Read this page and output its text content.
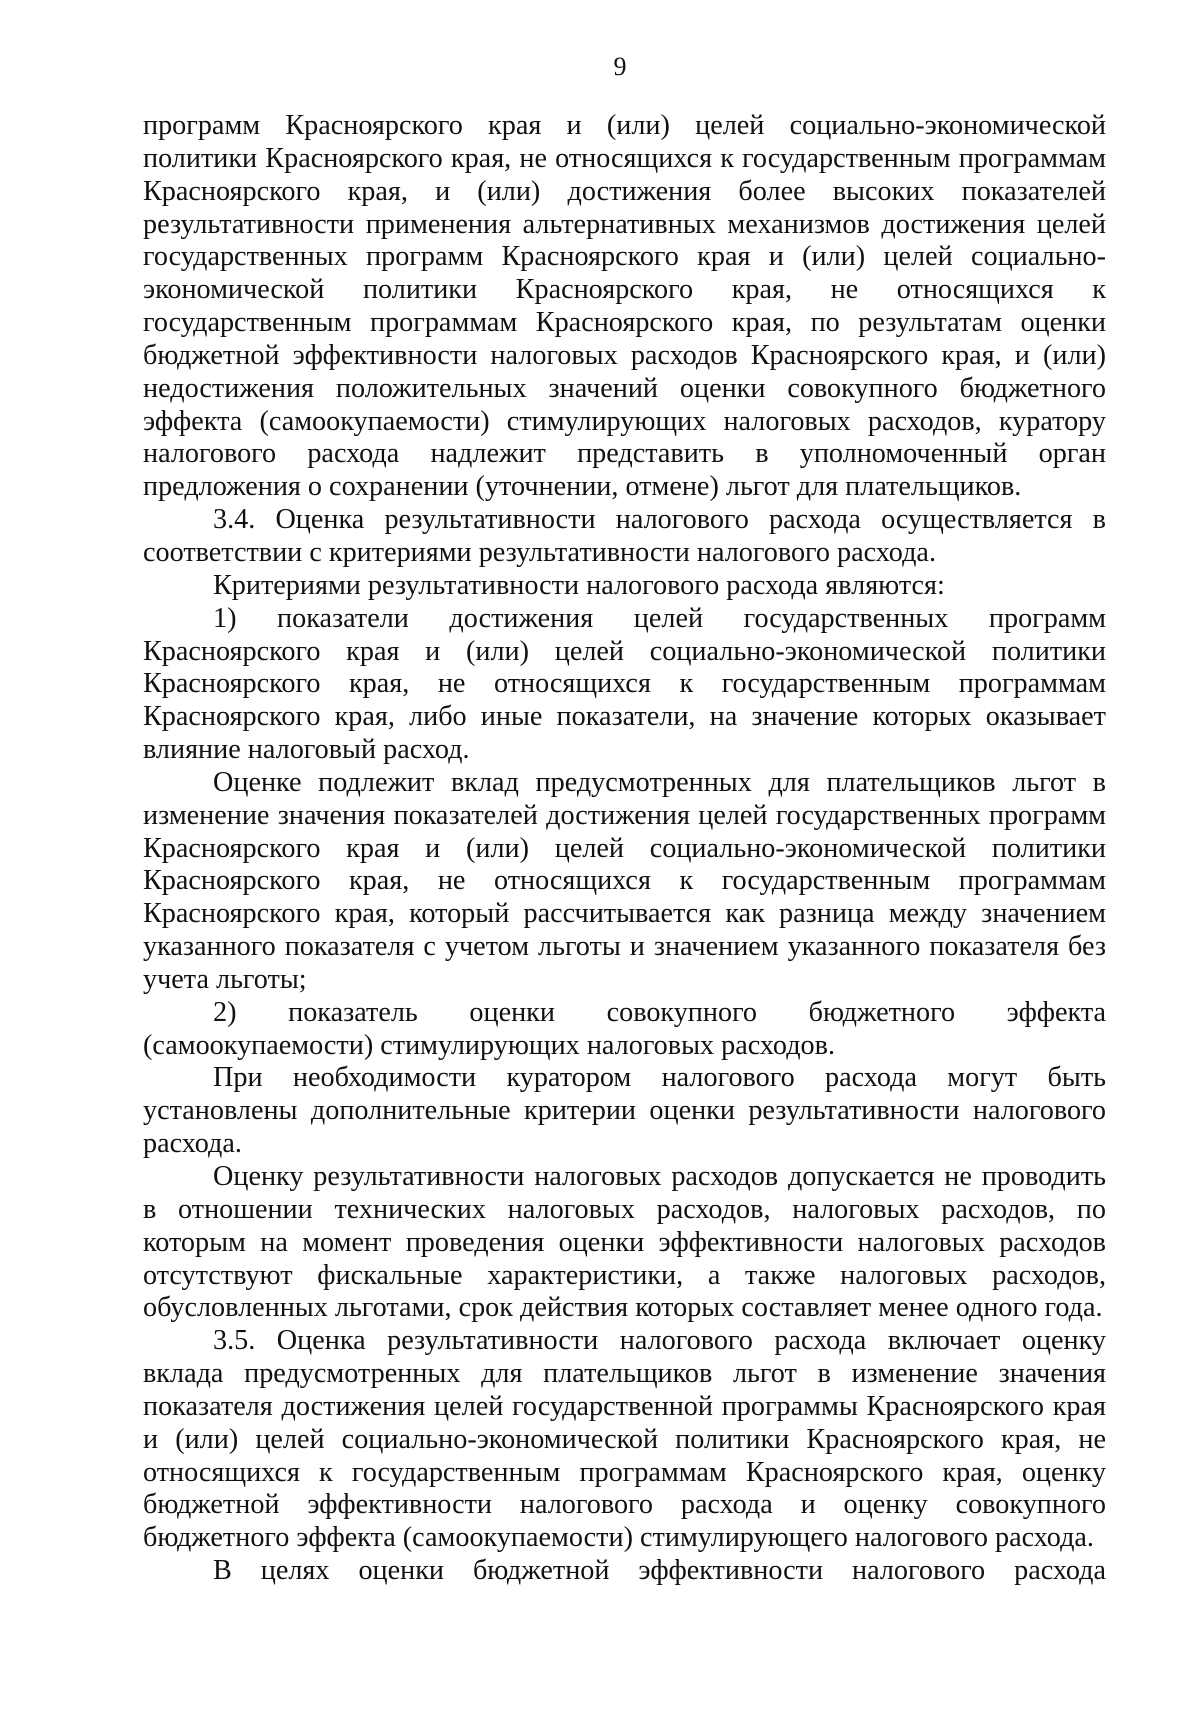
9

программ Красноярского края и (или) целей социально-экономической политики Красноярского края, не относящихся к государственным программам Красноярского края, и (или) достижения более высоких показателей результативности применения альтернативных механизмов достижения целей государственных программ Красноярского края и (или) целей социально-экономической политики Красноярского края, не относящихся к государственным программам Красноярского края, по результатам оценки бюджетной эффективности налоговых расходов Красноярского края, и (или) недостижения положительных значений оценки совокупного бюджетного эффекта (самоокупаемости) стимулирующих налоговых расходов, куратору налогового расхода надлежит представить в уполномоченный орган предложения о сохранении (уточнении, отмене) льгот для плательщиков.

3.4. Оценка результативности налогового расхода осуществляется в соответствии с критериями результативности налогового расхода.

Критериями результативности налогового расхода являются:

1) показатели достижения целей государственных программ Красноярского края и (или) целей социально-экономической политики Красноярского края, не относящихся к государственным программам Красноярского края, либо иные показатели, на значение которых оказывает влияние налоговый расход.

Оценке подлежит вклад предусмотренных для плательщиков льгот в изменение значения показателей достижения целей государственных программ Красноярского края и (или) целей социально-экономической политики Красноярского края, не относящихся к государственным программам Красноярского края, который рассчитывается как разница между значением указанного показателя с учетом льготы и значением указанного показателя без учета льготы;

2) показатель оценки совокупного бюджетного эффекта (самоокупаемости) стимулирующих налоговых расходов.

При необходимости куратором налогового расхода могут быть установлены дополнительные критерии оценки результативности налогового расхода.

Оценку результативности налоговых расходов допускается не проводить в отношении технических налоговых расходов, налоговых расходов, по которым на момент проведения оценки эффективности налоговых расходов отсутствуют фискальные характеристики, а также налоговых расходов, обусловленных льготами, срок действия которых составляет менее одного года.

3.5. Оценка результативности налогового расхода включает оценку вклада предусмотренных для плательщиков льгот в изменение значения показателя достижения целей государственной программы Красноярского края и (или) целей социально-экономической политики Красноярского края, не относящихся к государственным программам Красноярского края, оценку бюджетной эффективности налогового расхода и оценку совокупного бюджетного эффекта (самоокупаемости) стимулирующего налогового расхода.

В целях оценки бюджетной эффективности налогового расхода
